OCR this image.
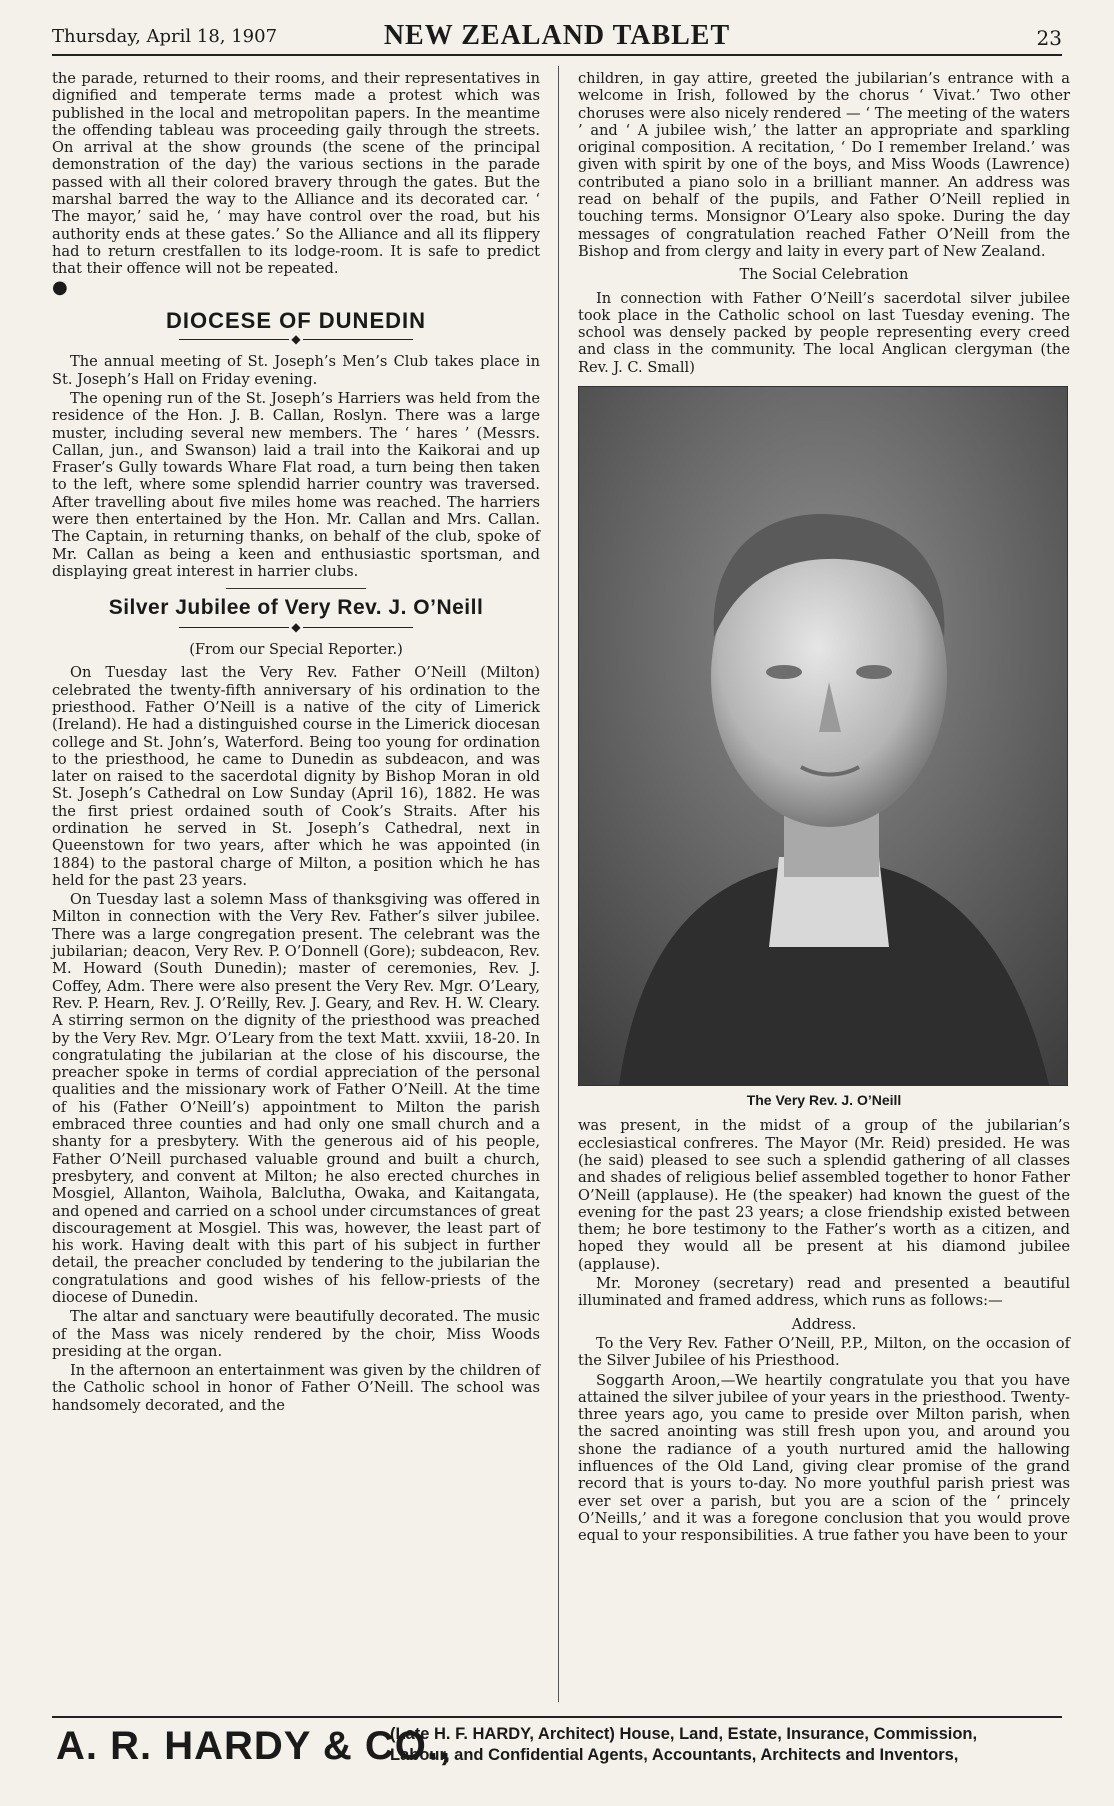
Thursday, April 18, 1907	NEW ZEALAND TABLET	23

the parade, returned to their rooms, and their representatives in dignified and temperate terms made a protest which was published in the local and metropolitan papers. In the meantime the offending tableau was proceeding gaily through the streets. On arrival at the show grounds (the scene of the principal demonstration of the day) the various sections in the parade passed with all their colored bravery through the gates. But the marshal barred the way to the Alliance and its decorated car. ‘ The mayor,’ said he, ‘ may have control over the road, but his authority ends at these gates.’ So the Alliance and all its flippery had to return crestfallen to its lodge-room. It is safe to predict that their offence will not be repeated.

●

DIOCESE OF DUNEDIN
◆

The annual meeting of St. Joseph’s Men’s Club takes place in St. Joseph’s Hall on Friday evening.

The opening run of the St. Joseph’s Harriers was held from the residence of the Hon. J. B. Callan, Roslyn. There was a large muster, including several new members. The ‘ hares ’ (Messrs. Callan, jun., and Swanson) laid a trail into the Kaikorai and up Fraser’s Gully towards Whare Flat road, a turn being then taken to the left, where some splendid harrier country was traversed. After travelling about five miles home was reached. The harriers were then entertained by the Hon. Mr. Callan and Mrs. Callan. The Captain, in returning thanks, on behalf of the club, spoke of Mr. Callan as being a keen and enthusiastic sportsman, and displaying great interest in harrier clubs.

Silver Jubilee of Very Rev. J. O’Neill
◆

(From our Special Reporter.)

On Tuesday last the Very Rev. Father O’Neill (Milton) celebrated the twenty-fifth anniversary of his ordination to the priesthood. Father O’Neill is a native of the city of Limerick (Ireland). He had a distinguished course in the Limerick diocesan college and St. John’s, Waterford. Being too young for ordination to the priesthood, he came to Dunedin as subdeacon, and was later on raised to the sacerdotal dignity by Bishop Moran in old St. Joseph’s Cathedral on Low Sunday (April 16), 1882. He was the first priest ordained south of Cook’s Straits. After his ordination he served in St. Joseph’s Cathedral, next in Queenstown for two years, after which he was appointed (in 1884) to the pastoral charge of Milton, a position which he has held for the past 23 years.

On Tuesday last a solemn Mass of thanksgiving was offered in Milton in connection with the Very Rev. Father’s silver jubilee. There was a large congregation present. The celebrant was the jubilarian; deacon, Very Rev. P. O’Donnell (Gore); subdeacon, Rev. M. Howard (South Dunedin); master of ceremonies, Rev. J. Coffey, Adm. There were also present the Very Rev. Mgr. O’Leary, Rev. P. Hearn, Rev. J. O’Reilly, Rev. J. Geary, and Rev. H. W. Cleary. A stirring sermon on the dignity of the priesthood was preached by the Very Rev. Mgr. O’Leary from the text Matt. xxviii, 18-20. In congratulating the jubilarian at the close of his discourse, the preacher spoke in terms of cordial appreciation of the personal qualities and the missionary work of Father O’Neill. At the time of his (Father O’Neill’s) appointment to Milton the parish embraced three counties and had only one small church and a shanty for a presbytery. With the generous aid of his people, Father O’Neill purchased valuable ground and built a church, presbytery, and convent at Milton; he also erected churches in Mosgiel, Allanton, Waihola, Balclutha, Owaka, and Kaitangata, and opened and carried on a school under circumstances of great discouragement at Mosgiel. This was, however, the least part of his work. Having dealt with this part of his subject in further detail, the preacher concluded by tendering to the jubilarian the congratulations and good wishes of his fellow-priests of the diocese of Dunedin.

The altar and sanctuary were beautifully decorated. The music of the Mass was nicely rendered by the choir, Miss Woods presiding at the organ.

In the afternoon an entertainment was given by the children of the Catholic school in honor of Father O’Neill. The school was handsomely decorated, and the

children, in gay attire, greeted the jubilarian’s entrance with a welcome in Irish, followed by the chorus ‘ Vivat.’ Two other choruses were also nicely rendered — ‘ The meeting of the waters ’ and ‘ A jubilee wish,’ the latter an appropriate and sparkling original composition. A recitation, ‘ Do I remember Ireland.’ was given with spirit by one of the boys, and Miss Woods (Lawrence) contributed a piano solo in a brilliant manner. An address was read on behalf of the pupils, and Father O’Neill replied in touching terms. Monsignor O’Leary also spoke. During the day messages of congratulation reached Father O’Neill from the Bishop and from clergy and laity in every part of New Zealand.

The Social Celebration

In connection with Father O’Neill’s sacerdotal silver jubilee took place in the Catholic school on last Tuesday evening. The school was densely packed by people representing every creed and class in the community. The local Anglican clergyman (the Rev. J. C. Small)

The Very Rev. J. O’Neill

was present, in the midst of a group of the jubilarian’s ecclesiastical confreres. The Mayor (Mr. Reid) presided. He was (he said) pleased to see such a splendid gathering of all classes and shades of religious belief assembled together to honor Father O’Neill (applause). He (the speaker) had known the guest of the evening for the past 23 years; a close friendship existed between them; he bore testimony to the Father’s worth as a citizen, and hoped they would all be present at his diamond jubilee (applause).

Mr. Moroney (secretary) read and presented a beautiful illuminated and framed address, which runs as follows:—

Address.

To the Very Rev. Father O’Neill, P.P., Milton, on the occasion of the Silver Jubilee of his Priesthood.

Soggarth Aroon,—We heartily congratulate you that you have attained the silver jubilee of your years in the priesthood. Twenty-three years ago, you came to preside over Milton parish, when the sacred anointing was still fresh upon you, and around you shone the radiance of a youth nurtured amid the hallowing influences of the Old Land, giving clear promise of the grand record that is yours to-day. No more youthful parish priest was ever set over a parish, but you are a scion of the ‘ princely O’Neills,’ and it was a foregone conclusion that you would prove equal to your responsibilities. A true father you have been to your

A. R. HARDY & CO.,
(Late H. F. HARDY, Architect) House, Land, Estate, Insurance, Commission,
Labour, and Confidential Agents, Accountants, Architects and Inventors,
